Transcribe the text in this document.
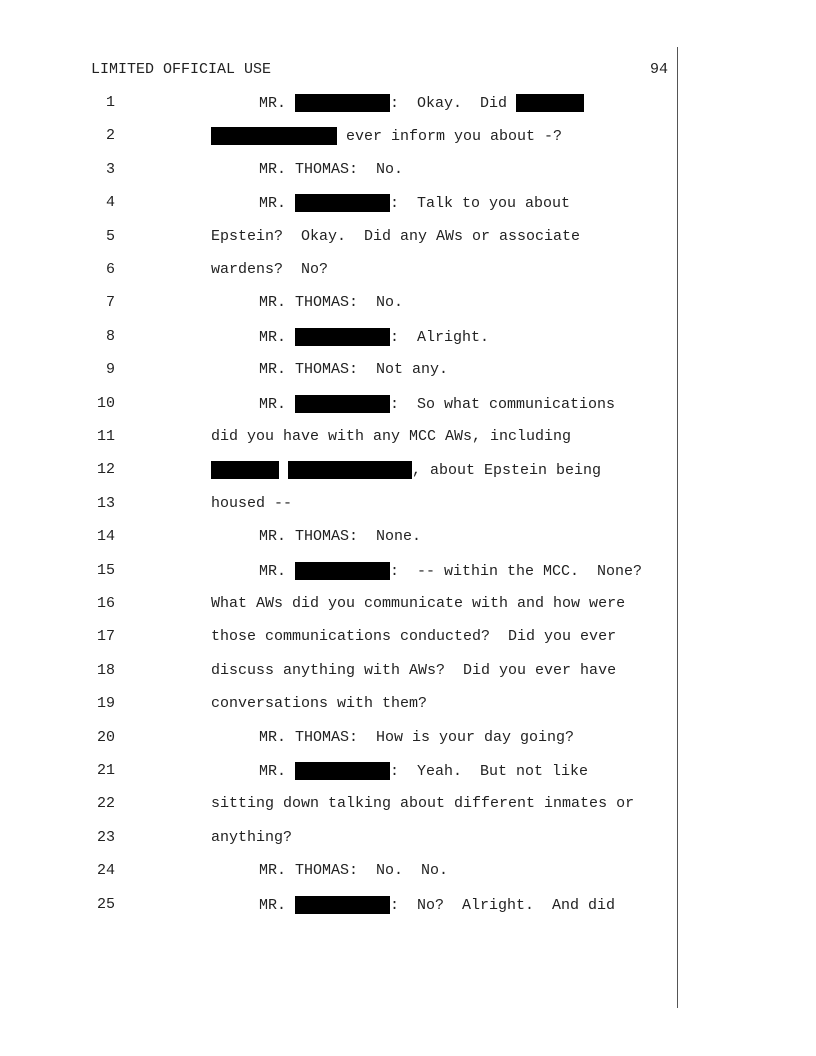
LIMITED OFFICIAL USE	94
1	MR.	:  Okay.  Did
2	ever inform you about -?
3	MR. THOMAS:  No.
4	MR.	:  Talk to you about
5	Epstein?  Okay.  Did any AWs or associate
6	wardens?  No?
7	MR. THOMAS:  No.
8	MR.	:  Alright.
9	MR. THOMAS:  Not any.
10	MR.	:  So what communications
11	did you have with any MCC AWs, including
12
	, about Epstein being
13	housed --
14	MR. THOMAS:  None.
15	MR.	:  -- within the MCC.  None?
16	What AWs did you communicate with and how were
17	those communications conducted?  Did you ever
18	discuss anything with AWs?  Did you ever have
19	conversations with them?
20	MR. THOMAS:  How is your day going?
21	MR.	:  Yeah.  But not like
22	sitting down talking about different inmates or
23	anything?
24	MR. THOMAS:  No.  No.
25	MR.	:  No?  Alright.  And did
